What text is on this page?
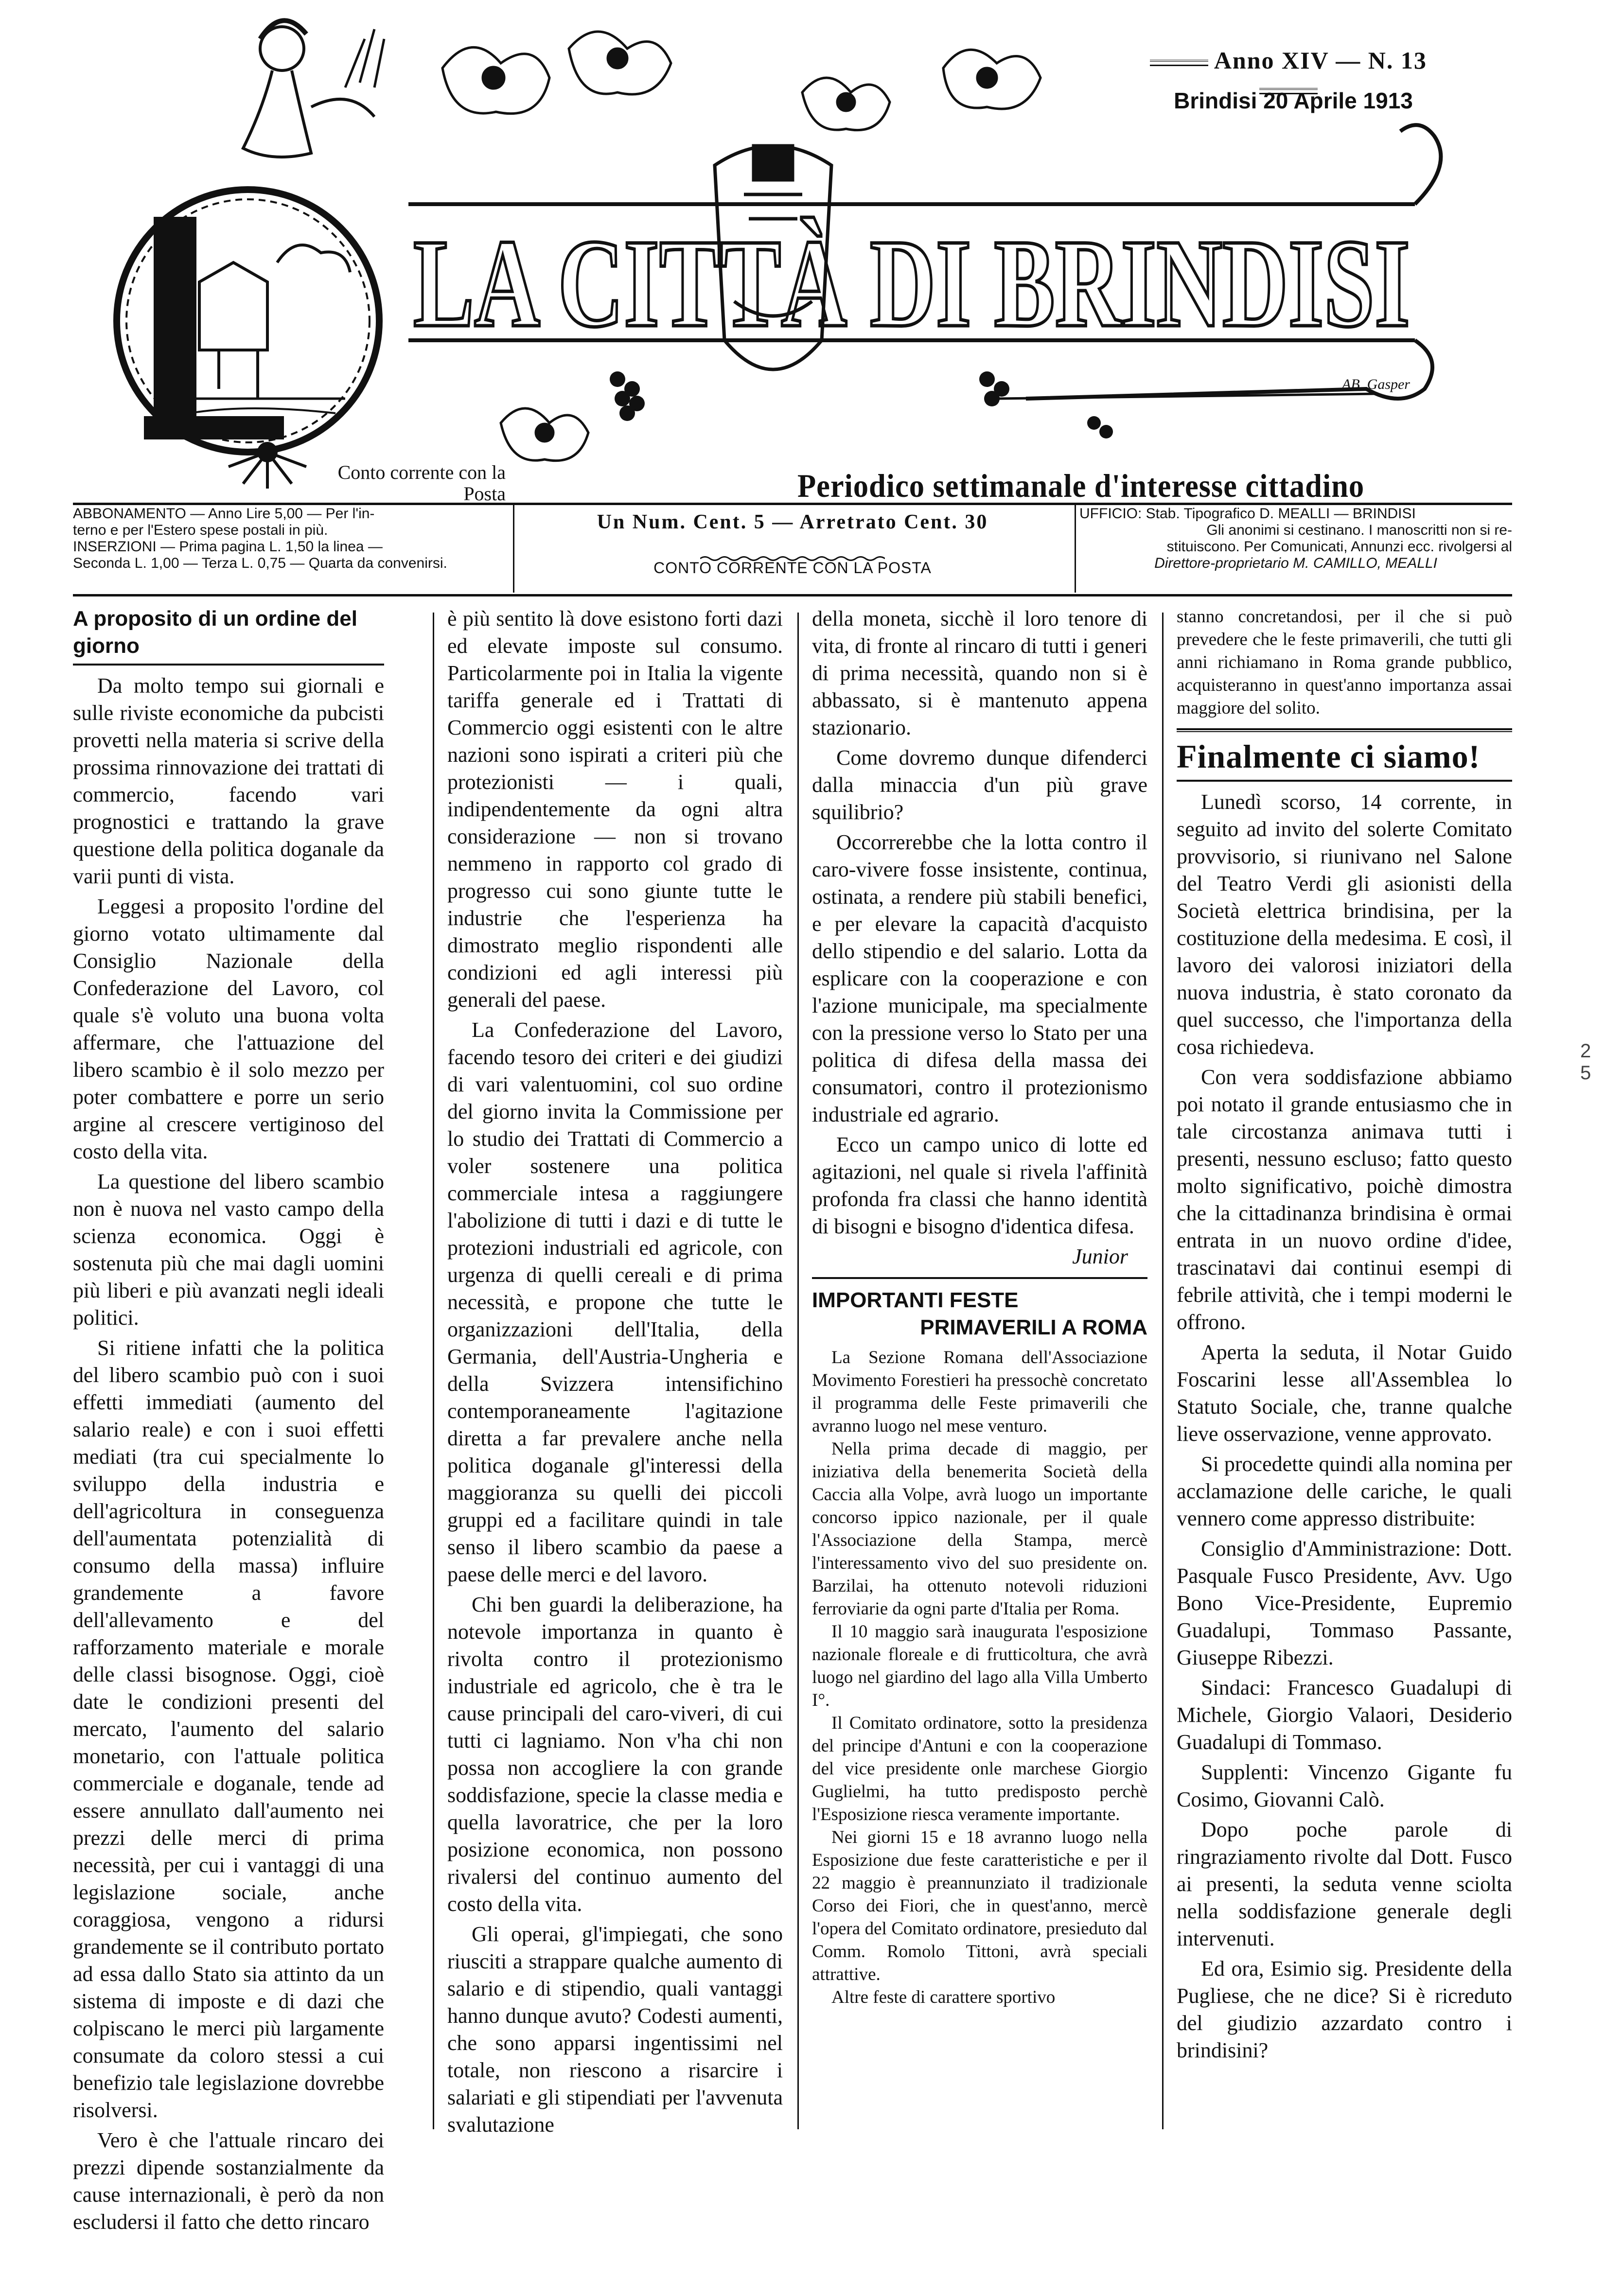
LA CITTÀ DI BRINDISI
AB. Gasper
Anno XIV — N. 13
Brindisi 20 Aprile 1913
Conto corrente con la Posta	Periodico settimanale d'interesse cittadino

ABBONAMENTO — Anno Lire 5,00 — Per l'in-

terno e per l'Estero spese postali in più.

INSERZIONI — Prima pagina L. 1,50 la linea —

Seconda L. 1,00 — Terza L. 0,75 — Quarta da convenirsi.

Un Num. Cent. 5 — Arretrato Cent. 30
CONTO CORRENTE CON LA POSTA

UFFICIO: Stab. Tipografico D. MEALLI — BRINDISI

Gli anonimi si cestinano. I manoscritti non si re-

stituiscono. Per Comunicati, Annunzi ecc. rivolgersi al

Direttore-proprietario M. CAMILLO, MEALLI

A proposito di un ordine del giorno

Da molto tempo sui giornali e sulle riviste economiche da pubcisti provetti nella materia si scrive della prossima rinnovazione dei trattati di commercio, facendo vari prognostici e trattando la grave questione della politica doganale da varii punti di vista.

Leggesi a proposito l'ordine del giorno votato ultimamente dal Consiglio Nazionale della Confederazione del Lavoro, col quale s'è voluto una buona volta affermare, che l'attuazione del libero scambio è il solo mezzo per poter combattere e porre un serio argine al crescere vertiginoso del costo della vita.

La questione del libero scambio non è nuova nel vasto campo della scienza economica. Oggi è sostenuta più che mai dagli uomini più liberi e più avanzati negli ideali politici.

Si ritiene infatti che la politica del libero scambio può con i suoi effetti immediati (aumento del salario reale) e con i suoi effetti mediati (tra cui specialmente lo sviluppo della industria e dell'agricoltura in conseguenza dell'aumentata potenzialità di consumo della massa) influire grandemente a favore dell'allevamento e del rafforzamento materiale e morale delle classi bisognose. Oggi, cioè date le condizioni presenti del mercato, l'aumento del salario monetario, con l'attuale politica commerciale e doganale, tende ad essere annullato dall'aumento nei prezzi delle merci di prima necessità, per cui i vantaggi di una legislazione sociale, anche coraggiosa, vengono a ridursi grandemente se il contributo portato ad essa dallo Stato sia attinto da un sistema di imposte e di dazi che colpiscano le merci più largamente consumate da coloro stessi a cui benefizio tale legislazione dovrebbe risolversi.

Vero è che l'attuale rincaro dei prezzi dipende sostanzialmente da cause internazionali, è però da non escludersi il fatto che detto rincaro

è più sentito là dove esistono forti dazi ed elevate imposte sul consumo. Particolarmente poi in Italia la vigente tariffa generale ed i Trattati di Commercio oggi esistenti con le altre nazioni sono ispirati a criteri più che protezionisti — i quali, indipendentemente da ogni altra considerazione — non si trovano nemmeno in rapporto col grado di progresso cui sono giunte tutte le industrie che l'esperienza ha dimostrato meglio rispondenti alle condizioni ed agli interessi più generali del paese.

La Confederazione del Lavoro, facendo tesoro dei criteri e dei giudizi di vari valentuomini, col suo ordine del giorno invita la Commissione per lo studio dei Trattati di Commercio a voler sostenere una politica commerciale intesa a raggiungere l'abolizione di tutti i dazi e di tutte le protezioni industriali ed agricole, con urgenza di quelli cereali e di prima necessità, e propone che tutte le organizzazioni dell'Italia, della Germania, dell'Austria-Ungheria e della Svizzera intensifichino contemporaneamente l'agitazione diretta a far prevalere anche nella politica doganale gl'interessi della maggioranza su quelli dei piccoli gruppi ed a facilitare quindi in tale senso il libero scambio da paese a paese delle merci e del lavoro.

Chi ben guardi la deliberazione, ha notevole importanza in quanto è rivolta contro il protezionismo industriale ed agricolo, che è tra le cause principali del caro-viveri, di cui tutti ci lagniamo. Non v'ha chi non possa non accogliere la con grande soddisfazione, specie la classe media e quella lavoratrice, che per la loro posizione economica, non possono rivalersi del continuo aumento del costo della vita.

Gli operai, gl'impiegati, che sono riusciti a strappare qualche aumento di salario e di stipendio, quali vantaggi hanno dunque avuto? Codesti aumenti, che sono apparsi ingentissimi nel totale, non riescono a risarcire i salariati e gli stipendiati per l'avvenuta svalutazione

della moneta, sicchè il loro tenore di vita, di fronte al rincaro di tutti i generi di prima necessità, quando non si è abbassato, si è mantenuto appena stazionario.

Come dovremo dunque difenderci dalla minaccia d'un più grave squilibrio?

Occorrerebbe che la lotta contro il caro-vivere fosse insistente, continua, ostinata, a rendere più stabili benefici, e per elevare la capacità d'acquisto dello stipendio e del salario. Lotta da esplicare con la cooperazione e con l'azione municipale, ma specialmente con la pressione verso lo Stato per una politica di difesa della massa dei consumatori, contro il protezionismo industriale ed agrario.

Ecco un campo unico di lotte ed agitazioni, nel quale si rivela l'affinità profonda fra classi che hanno identità di bisogni e bisogno d'identica difesa.

Junior

IMPORTANTI FESTE

PRIMAVERILI A ROMA

La Sezione Romana dell'Associazione Movimento Forestieri ha pressochè concretato il programma delle Feste primaverili che avranno luogo nel mese venturo.

Nella prima decade di maggio, per iniziativa della benemerita Società della Caccia alla Volpe, avrà luogo un importante concorso ippico nazionale, per il quale l'Associazione della Stampa, mercè l'interessamento vivo del suo presidente on. Barzilai, ha ottenuto notevoli riduzioni ferroviarie da ogni parte d'Italia per Roma.

Il 10 maggio sarà inaugurata l'esposizione nazionale floreale e di frutticoltura, che avrà luogo nel giardino del lago alla Villa Umberto I°.

Il Comitato ordinatore, sotto la presidenza del principe d'Antuni e con la cooperazione del vice presidente onle marchese Giorgio Guglielmi, ha tutto predisposto perchè l'Esposizione riesca veramente importante.

Nei giorni 15 e 18 avranno luogo nella Esposizione due feste caratteristiche e per il 22 maggio è preannunziato il tradizionale Corso dei Fiori, che in quest'anno, mercè l'opera del Comitato ordinatore, presieduto dal Comm. Romolo Tittoni, avrà speciali attrattive.

Altre feste di carattere sportivo

stanno concretandosi, per il che si può prevedere che le feste primaverili, che tutti gli anni richiamano in Roma grande pubblico, acquisteranno in quest'anno importanza assai maggiore del solito.

Finalmente ci siamo!

Lunedì scorso, 14 corrente, in seguito ad invito del solerte Comitato provvisorio, si riunivano nel Salone del Teatro Verdi gli asionisti della Società elettrica brindisina, per la costituzione della medesima. E così, il lavoro dei valorosi iniziatori della nuova industria, è stato coronato da quel successo, che l'importanza della cosa richiedeva.

Con vera soddisfazione abbiamo poi notato il grande entusiasmo che in tale circostanza animava tutti i presenti, nessuno escluso; fatto questo molto significativo, poichè dimostra che la cittadinanza brindisina è ormai entrata in un nuovo ordine d'idee, trascinatavi dai continui esempi di febrile attività, che i tempi moderni le offrono.

Aperta la seduta, il Notar Guido Foscarini lesse all'Assemblea lo Statuto Sociale, che, tranne qualche lieve osservazione, venne approvato.

Si procedette quindi alla nomina per acclamazione delle cariche, le quali vennero come appresso distribuite:

Consiglio d'Amministrazione: Dott. Pasquale Fusco Presidente, Avv. Ugo Bono Vice-Presidente, Eupremio Guadalupi, Tommaso Passante, Giuseppe Ribezzi.

Sindaci: Francesco Guadalupi di Michele, Giorgio Valaori, Desiderio Guadalupi di Tommaso.

Supplenti: Vincenzo Gigante fu Cosimo, Giovanni Calò.

Dopo poche parole di ringraziamento rivolte dal Dott. Fusco ai presenti, la seduta venne sciolta nella soddisfazione generale degli intervenuti.

Ed ora, Esimio sig. Presidente della Pugliese, che ne dice? Si è ricreduto del giudizio azzardato contro i brindisini?

2 5
